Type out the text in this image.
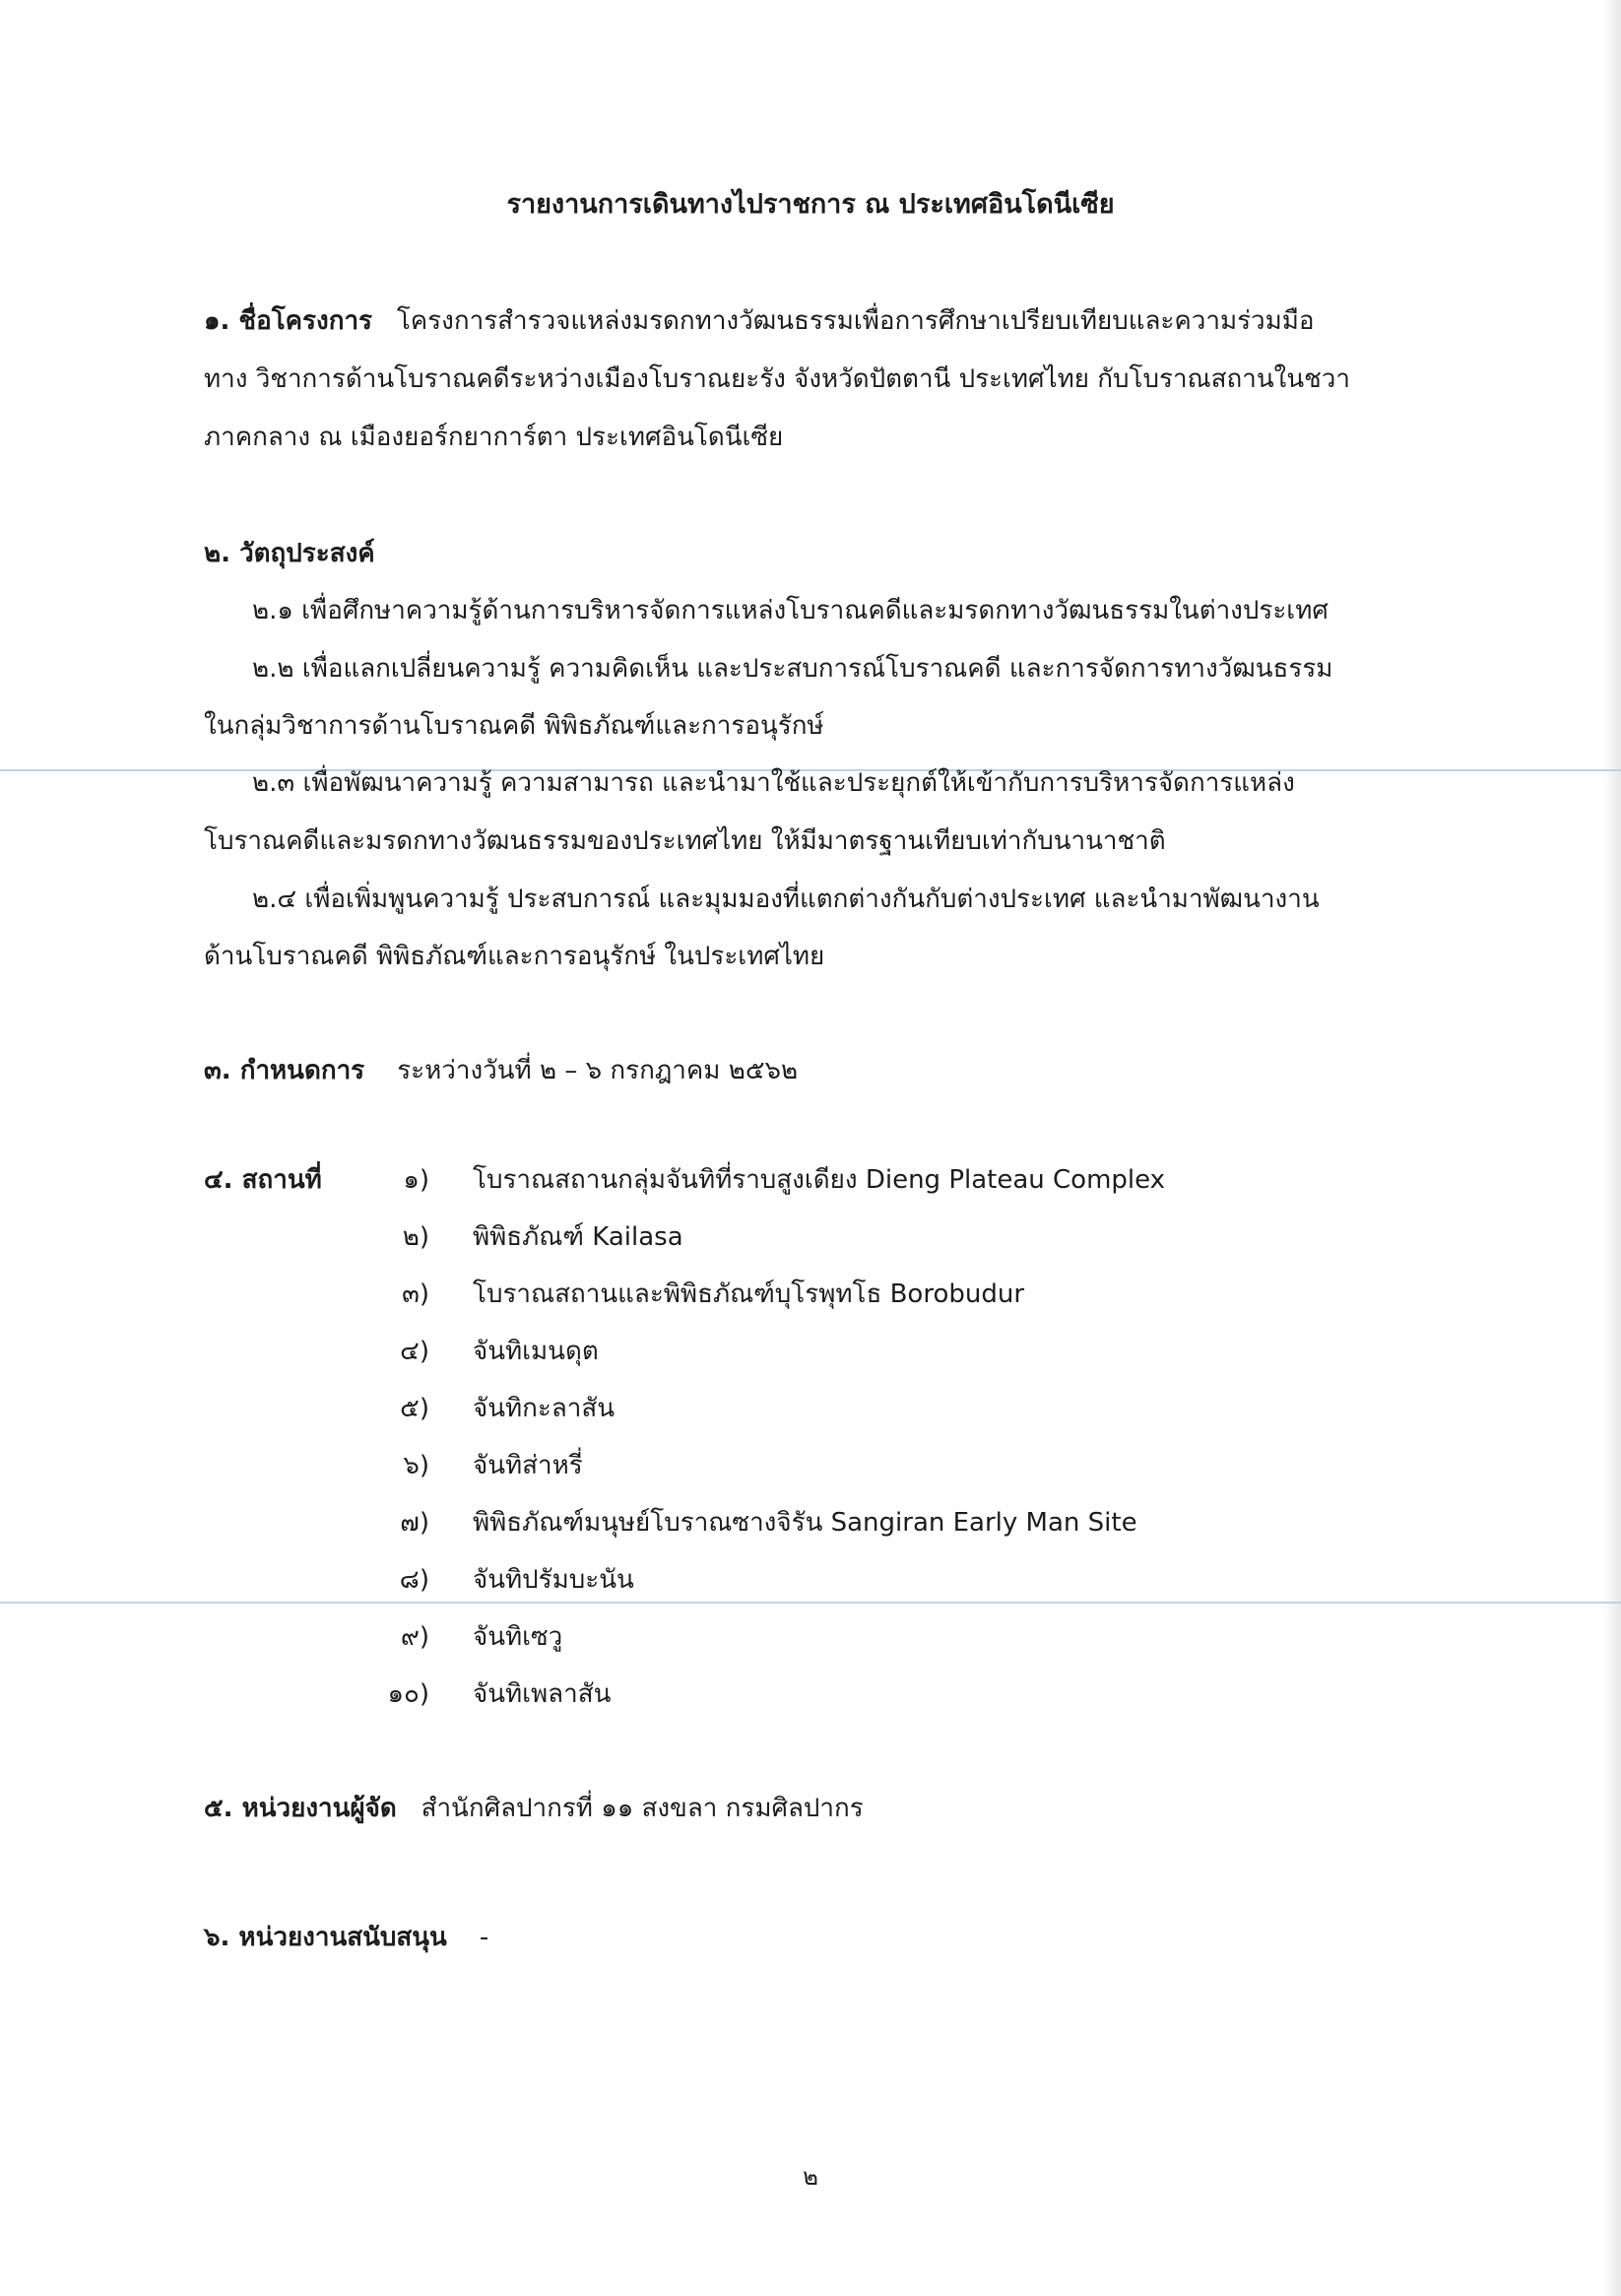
รายงานการเดินทางไปราชการ ณ ประเทศอินโดนีเซีย
๑. ชื่อโครงการ โครงการสำรวจแหล่งมรดกทางวัฒนธรรมเพื่อการศึกษาเปรียบเทียบและความร่วมมือ
ทาง วิชาการด้านโบราณคดีระหว่างเมืองโบราณยะรัง จังหวัดปัตตานี ประเทศไทย กับโบราณสถานในชวา
ภาคกลาง ณ เมืองยอร์กยาการ์ตา ประเทศอินโดนีเซีย
๒. วัตถุประสงค์
๒.๑ เพื่อศึกษาความรู้ด้านการบริหารจัดการแหล่งโบราณคดีและมรดกทางวัฒนธรรมในต่างประเทศ
๒.๒ เพื่อแลกเปลี่ยนความรู้ ความคิดเห็น และประสบการณ์โบราณคดี และการจัดการทางวัฒนธรรม
ในกลุ่มวิชาการด้านโบราณคดี พิพิธภัณฑ์และการอนุรักษ์
๒.๓ เพื่อพัฒนาความรู้ ความสามารถ และนำมาใช้และประยุกต์ให้เข้ากับการบริหารจัดการแหล่ง
โบราณคดีและมรดกทางวัฒนธรรมของประเทศไทย ให้มีมาตรฐานเทียบเท่ากับนานาชาติ
๒.๔ เพื่อเพิ่มพูนความรู้ ประสบการณ์ และมุมมองที่แตกต่างกันกับต่างประเทศ และนำมาพัฒนางาน
ด้านโบราณคดี พิพิธภัณฑ์และการอนุรักษ์ ในประเทศไทย
๓. กำหนดการ ระหว่างวันที่ ๒ – ๖ กรกฎาคม ๒๕๖๒
๔. สถานที่	๑) โบราณสถานกลุ่มจันทิที่ราบสูงเดียง Dieng Plateau Complex
๒) พิพิธภัณฑ์ Kailasa
๓) โบราณสถานและพิพิธภัณฑ์บุโรพุทโธ Borobudur
๔) จันทิเมนดุต
๕) จันทิกะลาสัน
๖) จันทิส่าหรี่
๗) พิพิธภัณฑ์มนุษย์โบราณซางจิรัน Sangiran Early Man Site
๘) จันทิปรัมบะนัน
๙) จันทิเซวู
๑๐) จันทิเพลาสัน
๕. หน่วยงานผู้จัด สำนักศิลปากรที่ ๑๑ สงขลา กรมศิลปากร
๖. หน่วยงานสนับสนุน -
๒
